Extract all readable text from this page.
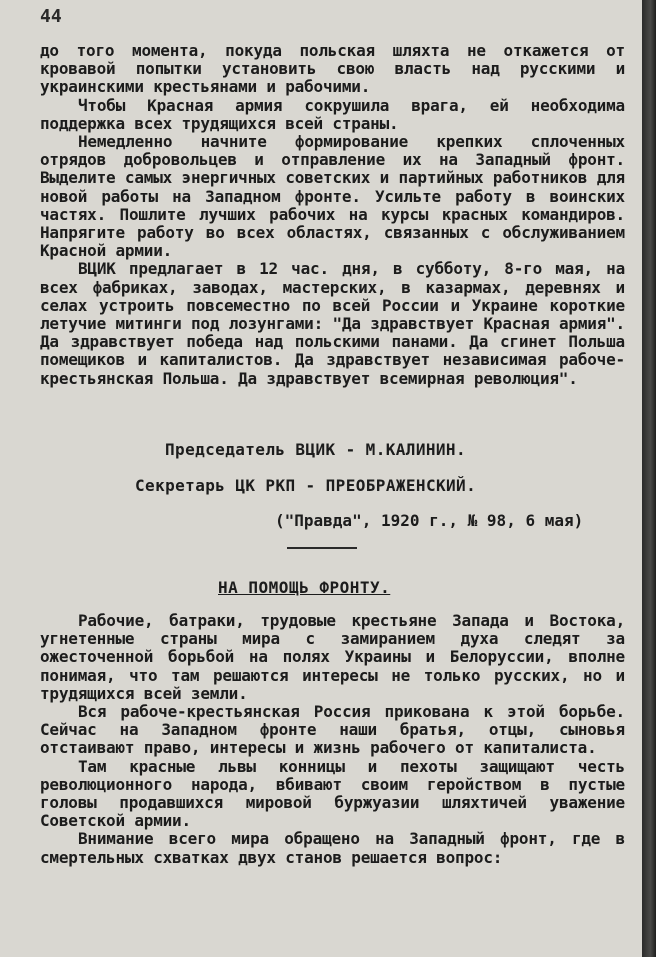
44

до того момента, покуда польская шляхта не откажется от кровавой попытки установить свою власть над русскими и украинскими крестьянами и рабочими.

Чтобы Красная армия сокрушила врага, ей необходима поддержка всех трудящихся всей страны.

Немедленно начните формирование крепких сплоченных отрядов добровольцев и отправление их на Западный фронт. Выделите самых энергичных советских и партийных работников для новой работы на Западном фронте. Усильте работу в воинских частях. Пошлите лучших рабочих на курсы красных командиров. Напрягите работу во всех областях, связанных с обслуживанием Красной армии.

ВЦИК предлагает в 12 час. дня, в субботу, 8-го мая, на всех фабриках, заводах, мастерских, в казармах, деревнях и селах устроить повсеместно по всей России и Украине короткие летучие митинги под лозунгами: "Да здравствует Красная армия". Да здравствует победа над польскими панами. Да сгинет Польша помещиков и капиталистов. Да здравствует независимая рабоче-крестьянская Польша. Да здравствует всемирная революция".

Председатель ВЦИК - М.КАЛИНИН.
Секретарь ЦК РКП - ПРЕОБРАЖЕНСКИЙ.
("Правда", 1920 г., № 98, 6 мая)
НА ПОМОЩЬ ФРОНТУ.

Рабочие, батраки, трудовые крестьяне Запада и Востока, угнетенные страны мира с замиранием духа следят за ожесточенной борьбой на полях Украины и Белоруссии, вполне понимая, что там решаются интересы не только русских, но и трудящихся всей земли.

Вся рабоче-крестьянская Россия прикована к этой борьбе. Сейчас на Западном фронте наши братья, отцы, сыновья отстаивают право, интересы и жизнь рабочего от капиталиста.

Там красные львы конницы и пехоты защищают честь революционного народа, вбивают своим геройством в пустые головы продавшихся мировой буржуазии шляхтичей уважение Советской армии.

Внимание всего мира обращено на Западный фронт, где в смертельных схватках двух станов решается вопрос:
